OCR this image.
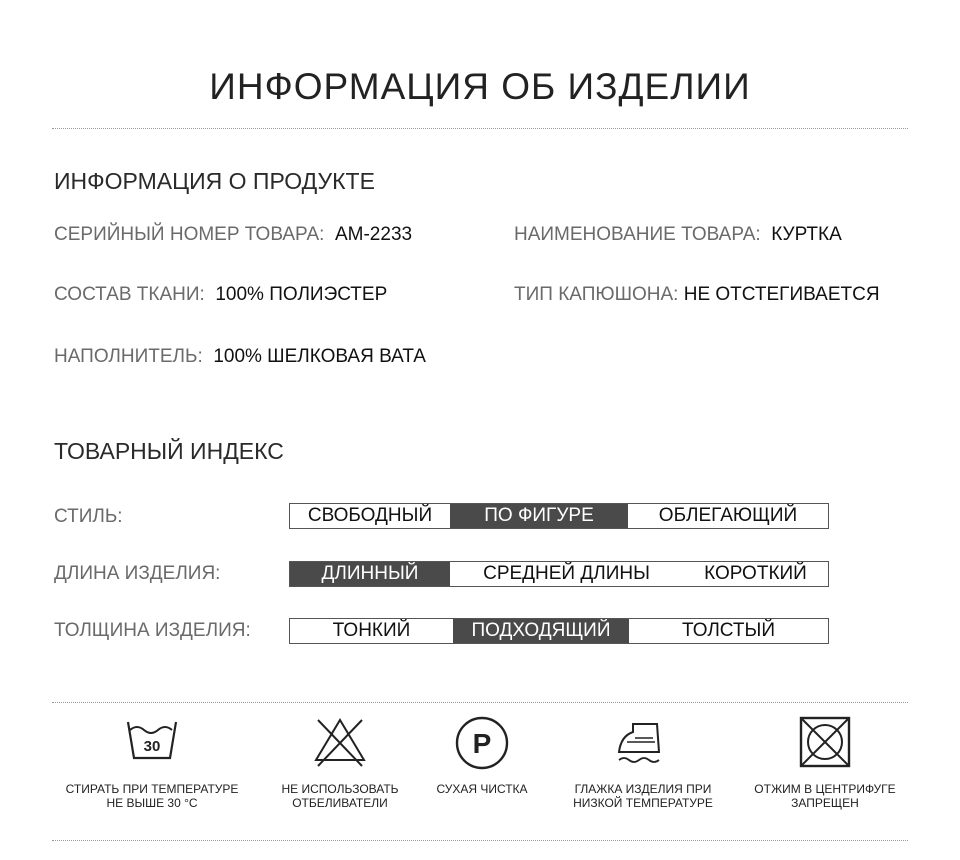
ИНФОРМАЦИЯ ОБ ИЗДЕЛИИ
ИНФОРМАЦИЯ О ПРОДУКТЕ
СЕРИЙНЫЙ НОМЕР ТОВАРА: AM-2233	НАИМЕНОВАНИЕ ТОВАРА: КУРТКА
СОСТАВ ТКАНИ: 100% ПОЛИЭСТЕР	ТИП КАПЮШОНА: НЕ ОТСТЕГИВАЕТСЯ
НАПОЛНИТЕЛЬ: 100% ШЕЛКОВАЯ ВАТА
ТОВАРНЫЙ ИНДЕКС
СТИЛЬ:	СВОБОДНЫЙ	ПО ФИГУРЕ	ОБЛЕГАЮЩИЙ
ДЛИНА ИЗДЕЛИЯ:	ДЛИННЫЙ	СРЕДНЕЙ ДЛИНЫ	КОРОТКИЙ
ТОЛЩИНА ИЗДЕЛИЯ:	ТОНКИЙ	ПОДХОДЯЩИЙ	ТОЛСТЫЙ
30
СТИРАТЬ ПРИ ТЕМПЕРАТУРЕ
НЕ ВЫШЕ 30 °C
НЕ ИСПОЛЬЗОВАТЬ
ОТБЕЛИВАТЕЛИ
P
СУХАЯ ЧИСТКА	ГЛАЖКА ИЗДЕЛИЯ ПРИ
НИЗКОЙ ТЕМПЕРАТУРЕ
ОТЖИМ В ЦЕНТРИФУГЕ
ЗАПРЕЩЕН
